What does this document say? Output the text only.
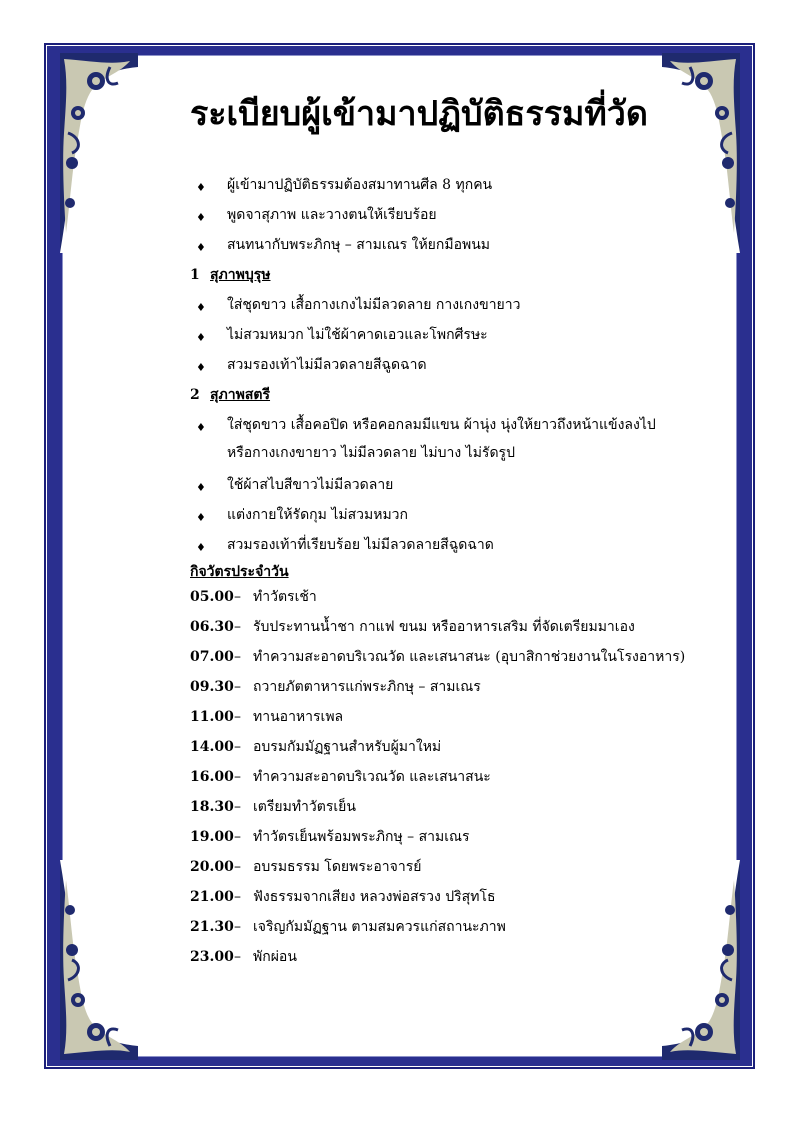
ระเบียบผู้เข้ามาปฏิบัติธรรมที่วัด
♦ ผู้เข้ามาปฏิบัติธรรมต้องสมาทานศีล 8 ทุกคน
♦ พูดจาสุภาพ และวางตนให้เรียบร้อย
♦ สนทนากับพระภิกษุ – สามเณร ให้ยกมือพนม
1 สุภาพบุรุษ
♦ ใส่ชุดขาว เสื้อกางเกงไม่มีลวดลาย กางเกงขายาว
♦ ไม่สวมหมวก ไม่ใช้ผ้าคาดเอวและโพกศีรษะ
♦ สวมรองเท้าไม่มีลวดลายสีฉูดฉาด
2 สุภาพสตรี
♦ ใส่ชุดขาว เสื้อคอปิด หรือคอกลมมีแขน ผ้านุ่ง นุ่งให้ยาวถึงหน้าแข้งลงไป
หรือกางเกงขายาว ไม่มีลวดลาย ไม่บาง ไม่รัดรูป
♦ ใช้ผ้าสไบสีขาวไม่มีลวดลาย
♦ แต่งกายให้รัดกุม ไม่สวมหมวก
♦ สวมรองเท้าที่เรียบร้อย ไม่มีลวดลายสีฉูดฉาด
กิจวัตรประจำวัน
05.00 – ทำวัตรเช้า
06.30 – รับประทานน้ำชา กาแฟ ขนม หรืออาหารเสริม ที่จัดเตรียมมาเอง
07.00 – ทำความสะอาดบริเวณวัด และเสนาสนะ (อุบาสิกาช่วยงานในโรงอาหาร)
09.30 – ถวายภัตตาหารแก่พระภิกษุ – สามเณร
11.00 – ทานอาหารเพล
14.00 – อบรมกัมมัฏฐานสำหรับผู้มาใหม่
16.00 – ทำความสะอาดบริเวณวัด และเสนาสนะ
18.30 – เตรียมทำวัตรเย็น
19.00 – ทำวัตรเย็นพร้อมพระภิกษุ – สามเณร
20.00 – อบรมธรรม โดยพระอาจารย์
21.00 – ฟังธรรมจากเสียง หลวงพ่อสรวง ปริสุทโธ
21.30 – เจริญกัมมัฏฐาน ตามสมควรแก่สถานะภาพ
23.00 – พักผ่อน
